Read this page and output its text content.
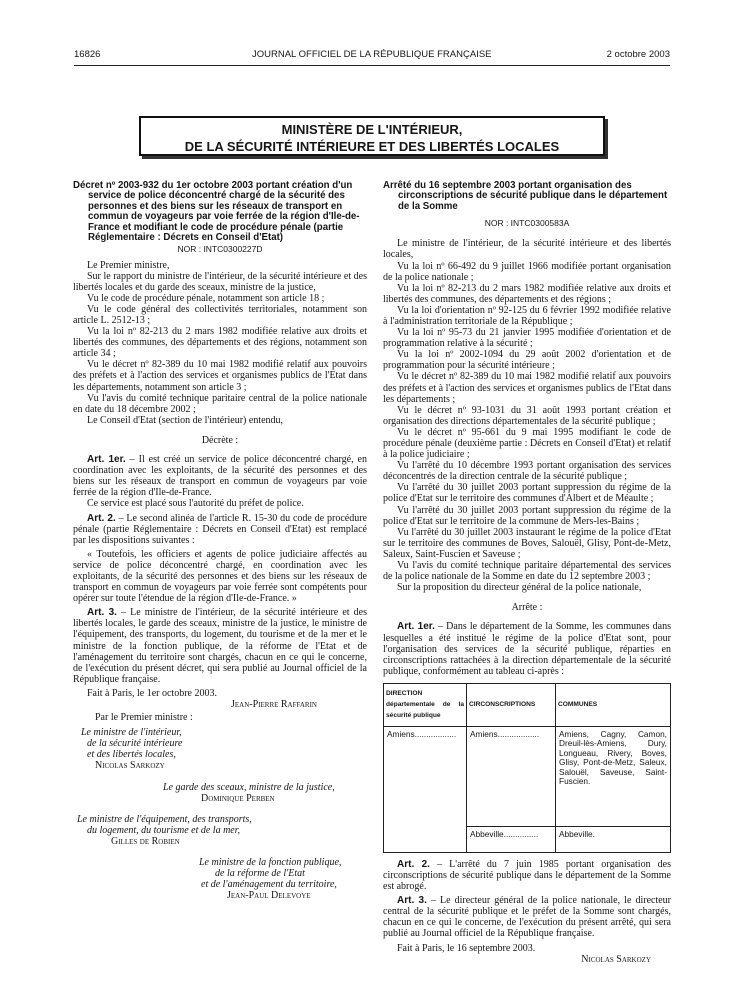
16826	JOURNAL OFFICIEL DE LA RÉPUBLIQUE FRANÇAISE	2 octobre 2003
MINISTÈRE DE L'INTÉRIEUR,
DE LA SÉCURITÉ INTÉRIEURE ET DES LIBERTÉS LOCALES

Décret nº 2003-932 du 1er octobre 2003 portant création d'un service de police déconcentré chargé de la sécurité des personnes et des biens sur les réseaux de transport en commun de voyageurs par voie ferrée de la région d'Ile-de-France et modifiant le code de procédure pénale (partie Réglementaire : Décrets en Conseil d'Etat)

NOR : INTC0300227D

Le Premier ministre,

Sur le rapport du ministre de l'intérieur, de la sécurité intérieure et des libertés locales et du garde des sceaux, ministre de la justice,

Vu le code de procédure pénale, notamment son article 18 ;

Vu le code général des collectivités territoriales, notamment son article L. 2512-13 ;

Vu la loi nº 82-213 du 2 mars 1982 modifiée relative aux droits et libertés des communes, des départements et des régions, notamment son article 34 ;

Vu le décret nº 82-389 du 10 mai 1982 modifié relatif aux pouvoirs des préfets et à l'action des services et organismes publics de l'Etat dans les départements, notamment son article 3 ;

Vu l'avis du comité technique paritaire central de la police nationale en date du 18 décembre 2002 ;

Le Conseil d'Etat (section de l'intérieur) entendu,

Décrète :

Art. 1er. – Il est créé un service de police déconcentré chargé, en coordination avec les exploitants, de la sécurité des personnes et des biens sur les réseaux de transport en commun de voyageurs par voie ferrée de la région d'Ile-de-France.

Ce service est placé sous l'autorité du préfet de police.

Art. 2. – Le second alinéa de l'article R. 15-30 du code de procédure pénale (partie Réglementaire : Décrets en Conseil d'Etat) est remplacé par les dispositions suivantes :

« Toutefois, les officiers et agents de police judiciaire affectés au service de police déconcentré chargé, en coordination avec les exploitants, de la sécurité des personnes et des biens sur les réseaux de transport en commun de voyageurs par voie ferrée sont compétents pour opérer sur toute l'étendue de la région d'Ile-de-France. »

Art. 3. – Le ministre de l'intérieur, de la sécurité intérieure et des libertés locales, le garde des sceaux, ministre de la justice, le ministre de l'équipement, des transports, du logement, du tourisme et de la mer et le ministre de la fonction publique, de la réforme de l'Etat et de l'aménagement du territoire sont chargés, chacun en ce qui le concerne, de l'exécution du présent décret, qui sera publié au Journal officiel de la République française.

Fait à Paris, le 1er octobre 2003.

Jean-Pierre Raffarin

Par le Premier ministre :

Le ministre de l'intérieur,

de la sécurité intérieure

et des libertés locales,

Nicolas Sarkozy

Le garde des sceaux, ministre de la justice,

Dominique Perben

Le ministre de l'équipement, des transports,

du logement, du tourisme et de la mer,

Gilles de Robien

Le ministre de la fonction publique,

de la réforme de l'Etat

et de l'aménagement du territoire,

Jean-Paul Delevoye

Arrêté du 16 septembre 2003 portant organisation des circonscriptions de sécurité publique dans le département de la Somme

NOR : INTC0300583A

Le ministre de l'intérieur, de la sécurité intérieure et des libertés locales,

Vu la loi nº 66-492 du 9 juillet 1966 modifiée portant organisation de la police nationale ;

Vu la loi nº 82-213 du 2 mars 1982 modifiée relative aux droits et libertés des communes, des départements et des régions ;

Vu la loi d'orientation nº 92-125 du 6 février 1992 modifiée relative à l'administration territoriale de la République ;

Vu la loi nº 95-73 du 21 janvier 1995 modifiée d'orientation et de programmation relative à la sécurité ;

Vu la loi nº 2002-1094 du 29 août 2002 d'orientation et de programmation pour la sécurité intérieure ;

Vu le décret nº 82-389 du 10 mai 1982 modifié relatif aux pouvoirs des préfets et à l'action des services et organismes publics de l'Etat dans les départements ;

Vu le décret nº 93-1031 du 31 août 1993 portant création et organisation des directions départementales de la sécurité publique ;

Vu le décret nº 95-661 du 9 mai 1995 modifiant le code de procédure pénale (deuxième partie : Décrets en Conseil d'Etat) et relatif à la police judiciaire ;

Vu l'arrêté du 10 décembre 1993 portant organisation des services déconcentrés de la direction centrale de la sécurité publique ;

Vu l'arrêté du 30 juillet 2003 portant suppression du régime de la police d'Etat sur le territoire des communes d'Albert et de Méaulte ;

Vu l'arrêté du 30 juillet 2003 portant suppression du régime de la police d'Etat sur le territoire de la commune de Mers-les-Bains ;

Vu l'arrêté du 30 juillet 2003 instaurant le régime de la police d'Etat sur le territoire des communes de Boves, Salouël, Glisy, Pont-de-Metz, Saleux, Saint-Fuscien et Saveuse ;

Vu l'avis du comité technique paritaire départemental des services de la police nationale de la Somme en date du 12 septembre 2003 ;

Sur la proposition du directeur général de la police nationale,

Arrête :

Art. 1er. – Dans le département de la Somme, les communes dans lesquelles a été institué le régime de la police d'Etat sont, pour l'organisation des services de la sécurité publique, réparties en circonscriptions rattachées à la direction départementale de la sécurité publique, conformément au tableau ci-après :

DIRECTION départementale de la sécurité publique	CIRCONSCRIPTIONS	COMMUNES
Amiens..................	Amiens..................	Amiens, Cagny, Camon, Dreuil-lès-Amiens, Dury, Longueau, Rivery, Boves, Glisy, Pont-de-Metz, Saleux, Salouël, Saveuse, Saint-Fuscien.
	Abbeville...............	Abbeville.

Art. 2. – L'arrêté du 7 juin 1985 portant organisation des circonscriptions de sécurité publique dans le département de la Somme est abrogé.

Art. 3. – Le directeur général de la police nationale, le directeur central de la sécurité publique et le préfet de la Somme sont chargés, chacun en ce qui le concerne, de l'exécution du présent arrêté, qui sera publié au Journal officiel de la République française.

Fait à Paris, le 16 septembre 2003.

Nicolas Sarkozy
